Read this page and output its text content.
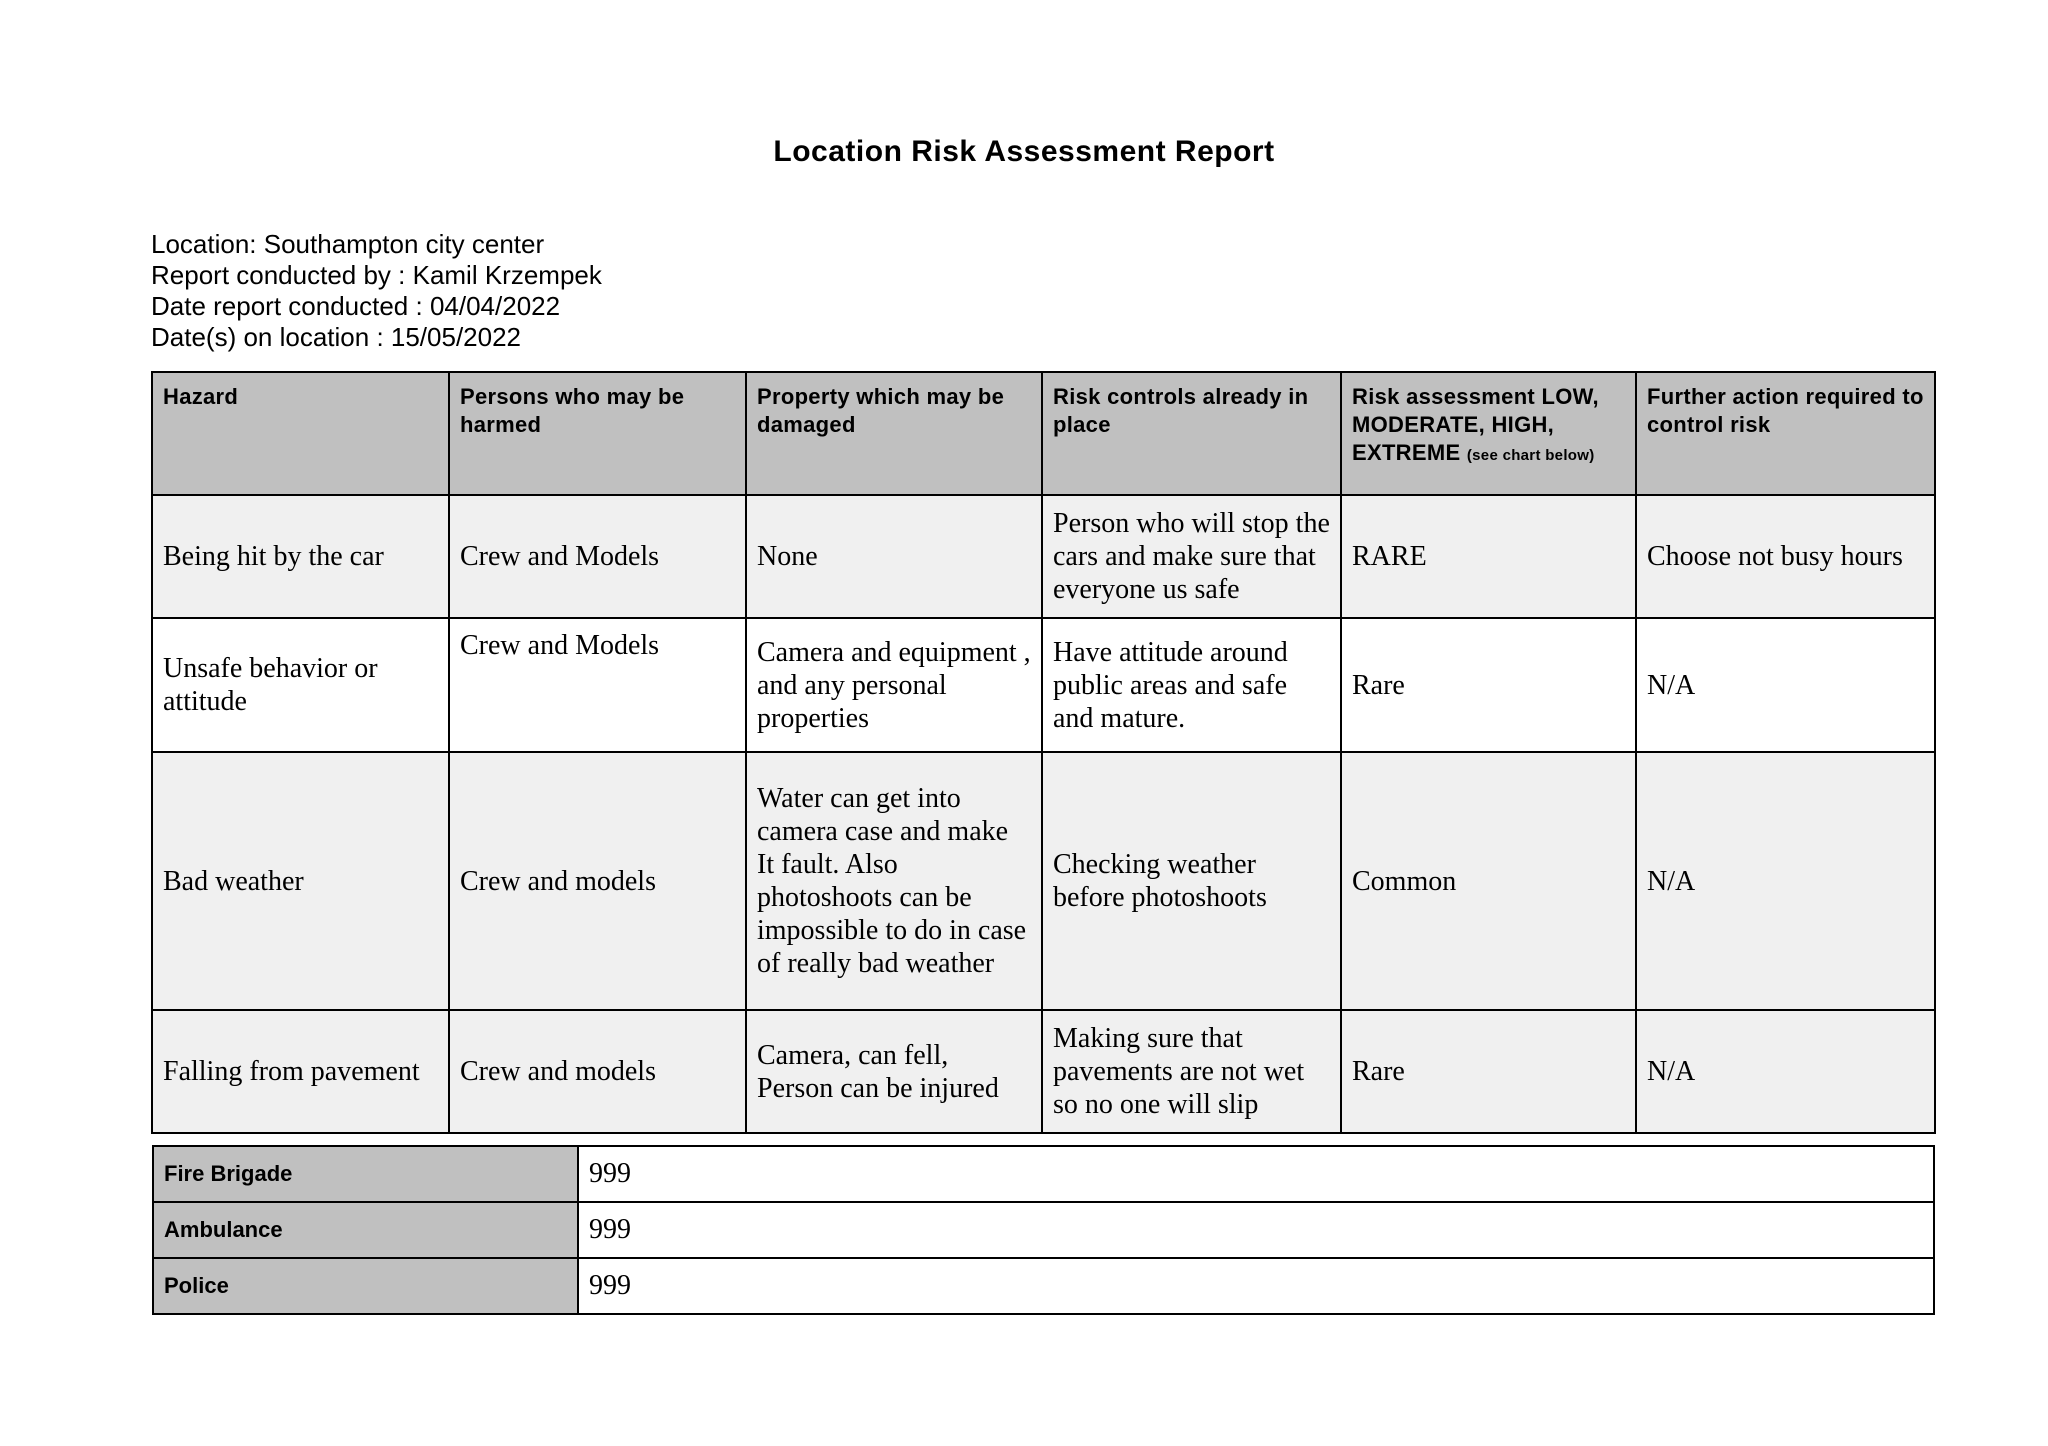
Location Risk Assessment Report
Location: Southampton city center
Report conducted by : Kamil Krzempek
Date report conducted : 04/04/2022
Date(s) on location : 15/05/2022
Hazard	Persons who may be harmed	Property which may be damaged	Risk controls already in place	Risk assessment LOW, MODERATE, HIGH, EXTREME (see chart below)	Further action required to control risk
Being hit by the car	Crew and Models	None	Person who will stop the cars and make sure that everyone us safe	RARE	Choose not busy hours
Unsafe behavior or attitude	Crew and Models	Camera and equipment , and any personal properties	Have attitude around public areas and safe and mature.	Rare	N/A
Bad weather	Crew and models	Water can get into camera case and make It fault. Also photoshoots can be impossible to do in case of really bad weather	Checking weather before photoshoots	Common	N/A
Falling from pavement	Crew and models	Camera, can fell, Person can be injured	Making sure that pavements are not wet so no one will slip	Rare	N/A
Fire Brigade	999
Ambulance	999
Police	999
